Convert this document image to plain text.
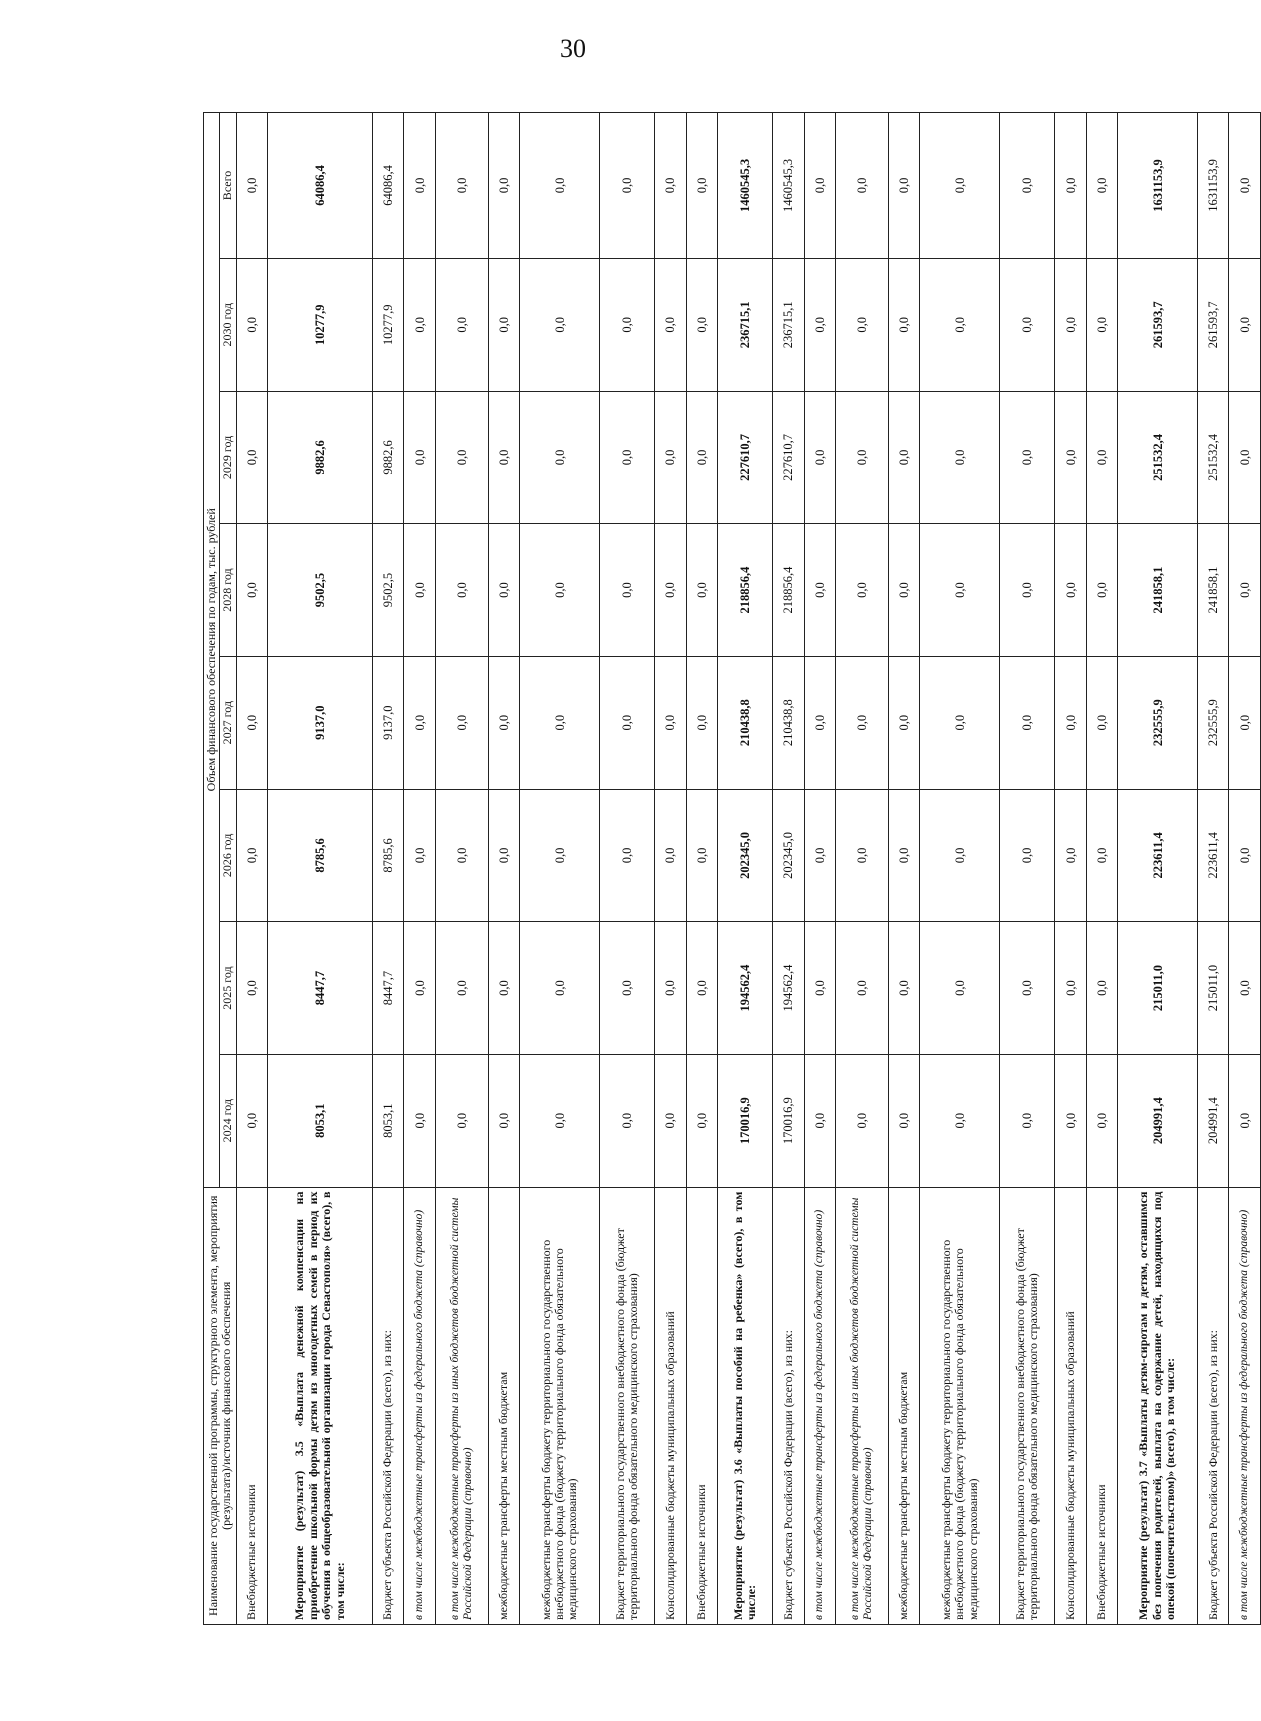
30
Наименование государственной программы, структурного элемента, мероприятия (результата)/источник финансового обеспечения	Объем финансового обеспечения по годам, тыс. рублей							
	2024 год	2025 год	2026 год	2027 год	2028 год	2029 год	2030 год	Всего
Внебюджетные источники	0,0	0,0	0,0	0,0	0,0	0,0	0,0	0,0
Мероприятие (результат) 3.5 «Выплата денежной компенсации на приобретение школьной формы детям из многодетных семей в период их обучения в общеобразовательной организации города Севастополя» (всего), в том числе:	8053,1	8447,7	8785,6	9137,0	9502,5	9882,6	10277,9	64086,4
Бюджет субъекта Российской Федерации (всего), из них:	8053,1	8447,7	8785,6	9137,0	9502,5	9882,6	10277,9	64086,4
в том числе межбюджетные трансферты из федерального бюджета (справочно)	0,0	0,0	0,0	0,0	0,0	0,0	0,0	0,0
в том числе межбюджетные трансферты из иных бюджетов бюджетной системы Российской Федерации (справочно)	0,0	0,0	0,0	0,0	0,0	0,0	0,0	0,0
межбюджетные трансферты местным бюджетам	0,0	0,0	0,0	0,0	0,0	0,0	0,0	0,0
межбюджетные трансферты бюджету территориального государственного внебюджетного фонда (бюджету территориального фонда обязательного медицинского страхования)	0,0	0,0	0,0	0,0	0,0	0,0	0,0	0,0
Бюджет территориального государственного внебюджетного фонда (бюджет территориального фонда обязательного медицинского страхования)	0,0	0,0	0,0	0,0	0,0	0,0	0,0	0,0
Консолидированные бюджеты муниципальных образований	0,0	0,0	0,0	0,0	0,0	0,0	0,0	0,0
Внебюджетные источники	0,0	0,0	0,0	0,0	0,0	0,0	0,0	0,0
Мероприятие (результат) 3.6 «Выплаты пособий на ребенка» (всего), в том числе:	170016,9	194562,4	202345,0	210438,8	218856,4	227610,7	236715,1	1460545,3
Бюджет субъекта Российской Федерации (всего), из них:	170016,9	194562,4	202345,0	210438,8	218856,4	227610,7	236715,1	1460545,3
в том числе межбюджетные трансферты из федерального бюджета (справочно)	0,0	0,0	0,0	0,0	0,0	0,0	0,0	0,0
в том числе межбюджетные трансферты из иных бюджетов бюджетной системы Российской Федерации (справочно)	0,0	0,0	0,0	0,0	0,0	0,0	0,0	0,0
межбюджетные трансферты местным бюджетам	0,0	0,0	0,0	0,0	0,0	0,0	0,0	0,0
межбюджетные трансферты бюджету территориального государственного внебюджетного фонда (бюджету территориального фонда обязательного медицинского страхования)	0,0	0,0	0,0	0,0	0,0	0,0	0,0	0,0
Бюджет территориального государственного внебюджетного фонда (бюджет территориального фонда обязательного медицинского страхования)	0,0	0,0	0,0	0,0	0,0	0,0	0,0	0,0
Консолидированные бюджеты муниципальных образований	0,0	0,0	0,0	0,0	0,0	0,0	0,0	0,0
Внебюджетные источники	0,0	0,0	0,0	0,0	0,0	0,0	0,0	0,0
Мероприятие (результат) 3.7 «Выплаты детям-сиротам и детям, оставшимся без попечения родителей, выплата на содержание детей, находящихся под опекой (попечительством)» (всего), в том числе:	204991,4	215011,0	223611,4	232555,9	241858,1	251532,4	261593,7	1631153,9
Бюджет субъекта Российской Федерации (всего), из них:	204991,4	215011,0	223611,4	232555,9	241858,1	251532,4	261593,7	1631153,9
в том числе межбюджетные трансферты из федерального бюджета (справочно)	0,0	0,0	0,0	0,0	0,0	0,0	0,0	0,0
